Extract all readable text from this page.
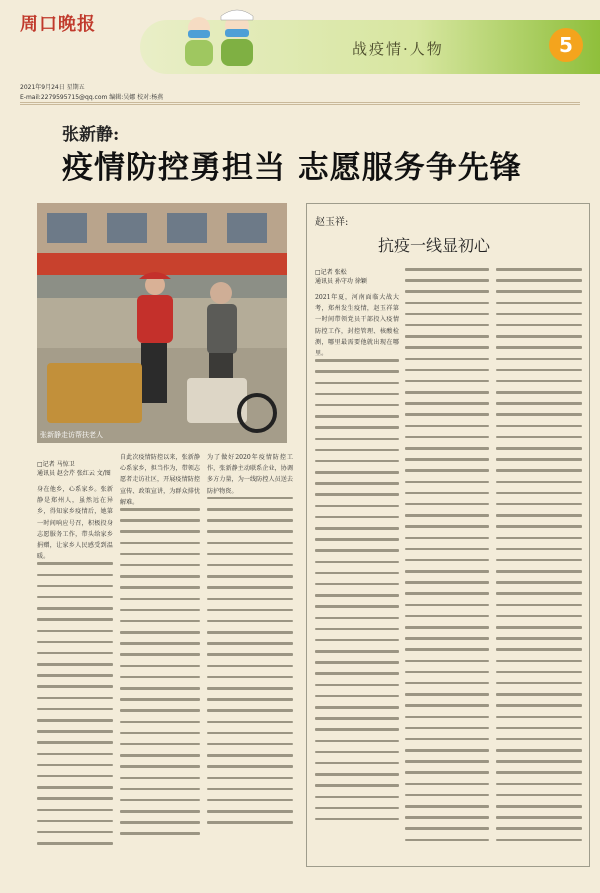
周口晚报
战疫情·人物	5
2021年9月24日 星期五
E-mail:227959571​5@qq.com 编辑:吴娜 校对:杨燕
张新静:
疫情防控勇担当 志愿服务争先锋
张新静走访帮扶老人
□记者 马惊卫
通讯员 赵会芹 张红云 文/图

身在他乡，心系家乡。张新静是郑州人，虽然远在异乡，得知家乡疫情后，她第一时间响应号召，积极投身志愿服务工作，带头给家乡捐赠，让家乡人民感受到温暖。

自此次疫情防控以来，张新静心系家乡，担当作为，带领志愿者走访社区，开展疫情防控宣传、政策宣讲，为群众排忧解难。

为了做好2020年疫情防控工作，张新静主动联系企业，协调多方力量，为一线防控人员送去防护物资。

赵玉祥:
抗疫一线显初心
□记者 张松
通讯员 孙守功 徐颖

2021年夏，河南面临大战大考，郑州发生疫情，赵玉祥第一时间带领党员干部投入疫情防控工作，封控管理、核酸检测，哪里最需要他就出现在哪里。
